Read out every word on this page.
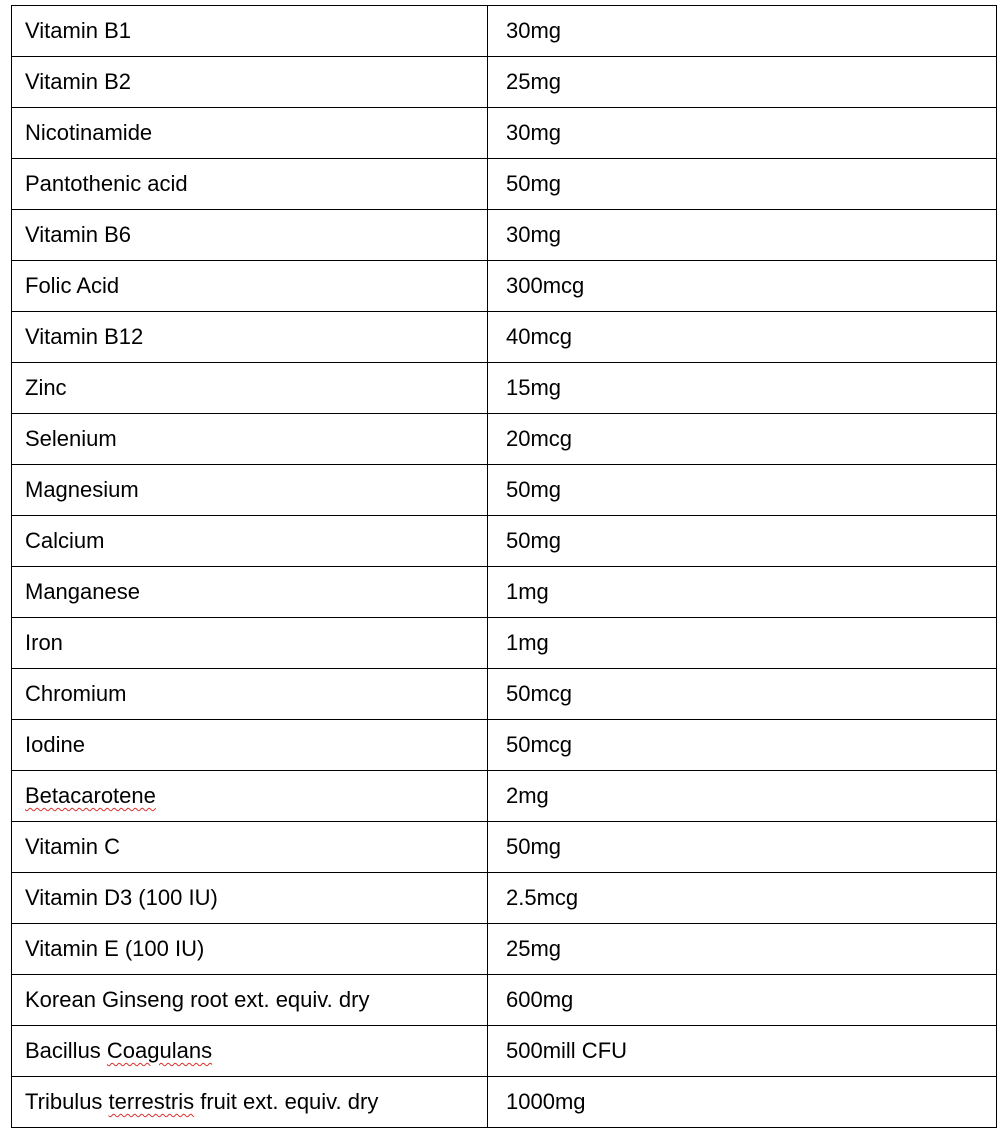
Vitamin B1	30mg
Vitamin B2	25mg
Nicotinamide	30mg
Pantothenic acid	50mg
Vitamin B6	30mg
Folic Acid	300mcg
Vitamin B12	40mcg
Zinc	15mg
Selenium	20mcg
Magnesium	50mg
Calcium	50mg
Manganese	1mg
Iron	1mg
Chromium	50mcg
Iodine	50mcg
Betacarotene	2mg
Vitamin C	50mg
Vitamin D3 (100 IU)	2.5mcg
Vitamin E (100 IU)	25mg
Korean Ginseng root ext. equiv. dry	600mg
Bacillus Coagulans	500mill CFU
Tribulus terrestris fruit ext. equiv. dry	1000mg
